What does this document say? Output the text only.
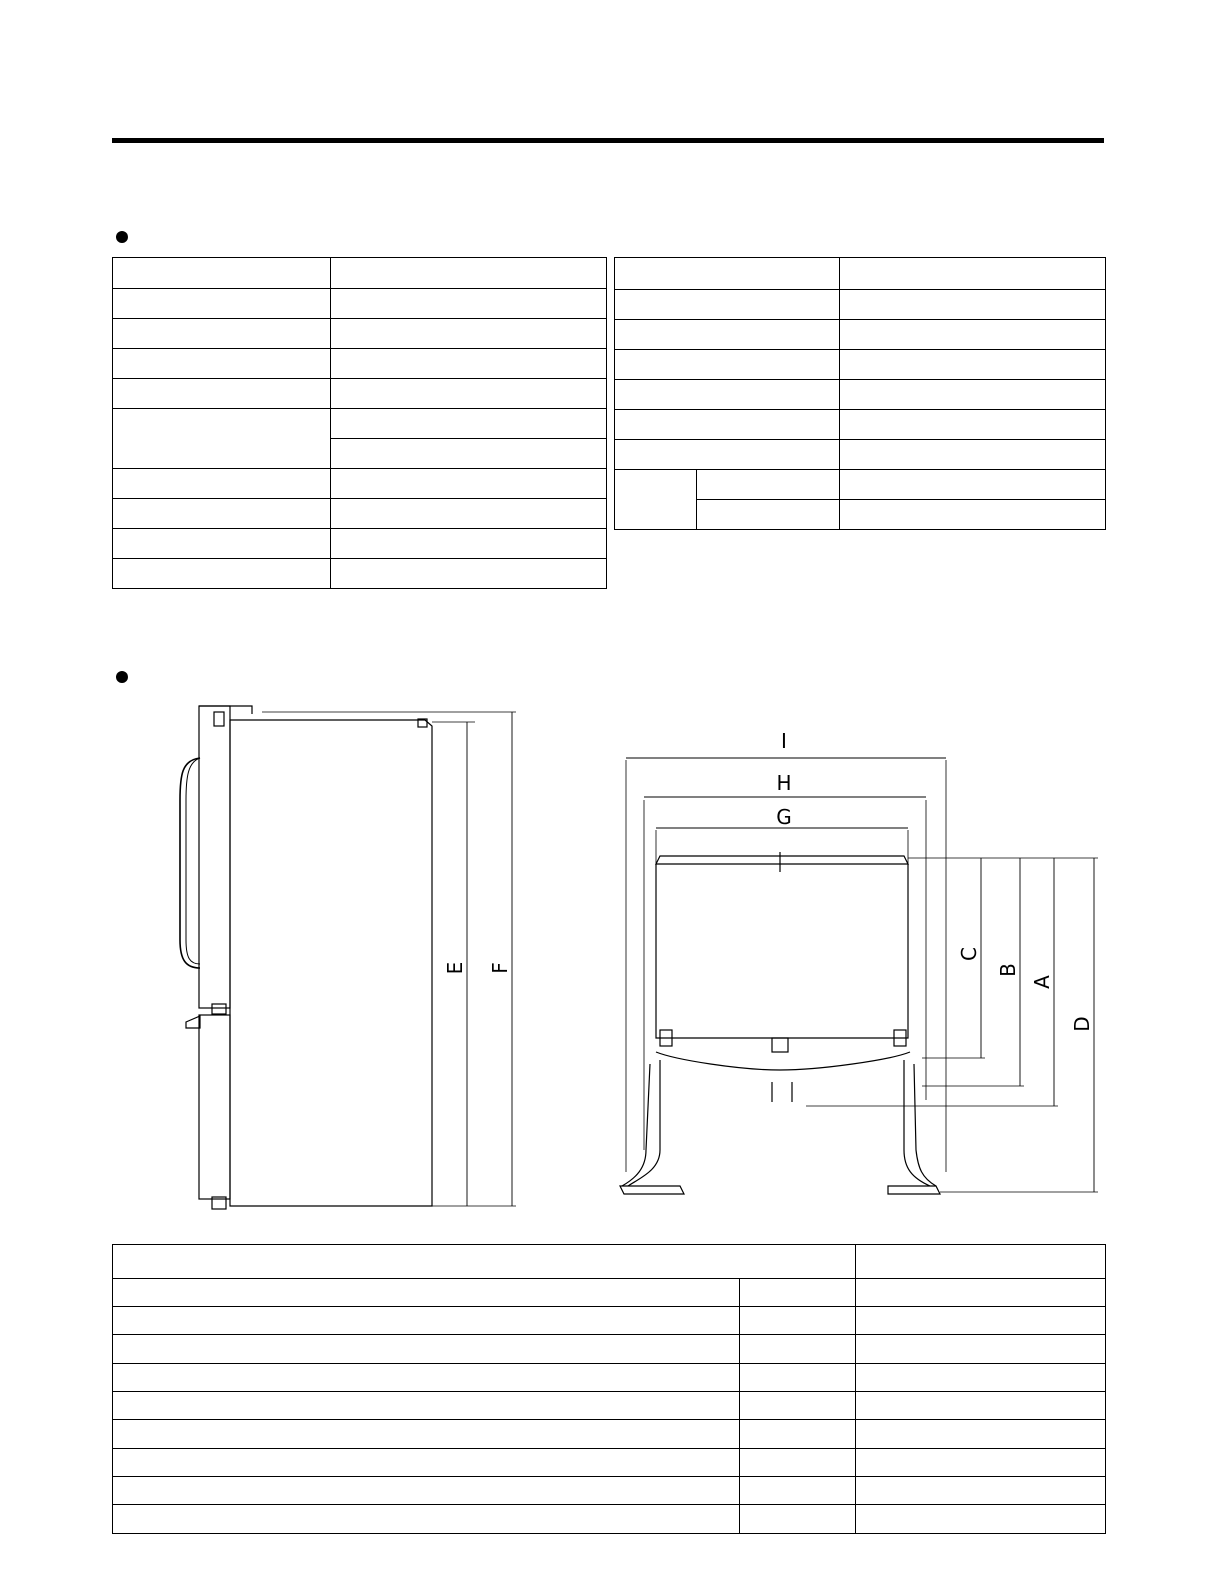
E F
I
H
G
C
B
A
D
